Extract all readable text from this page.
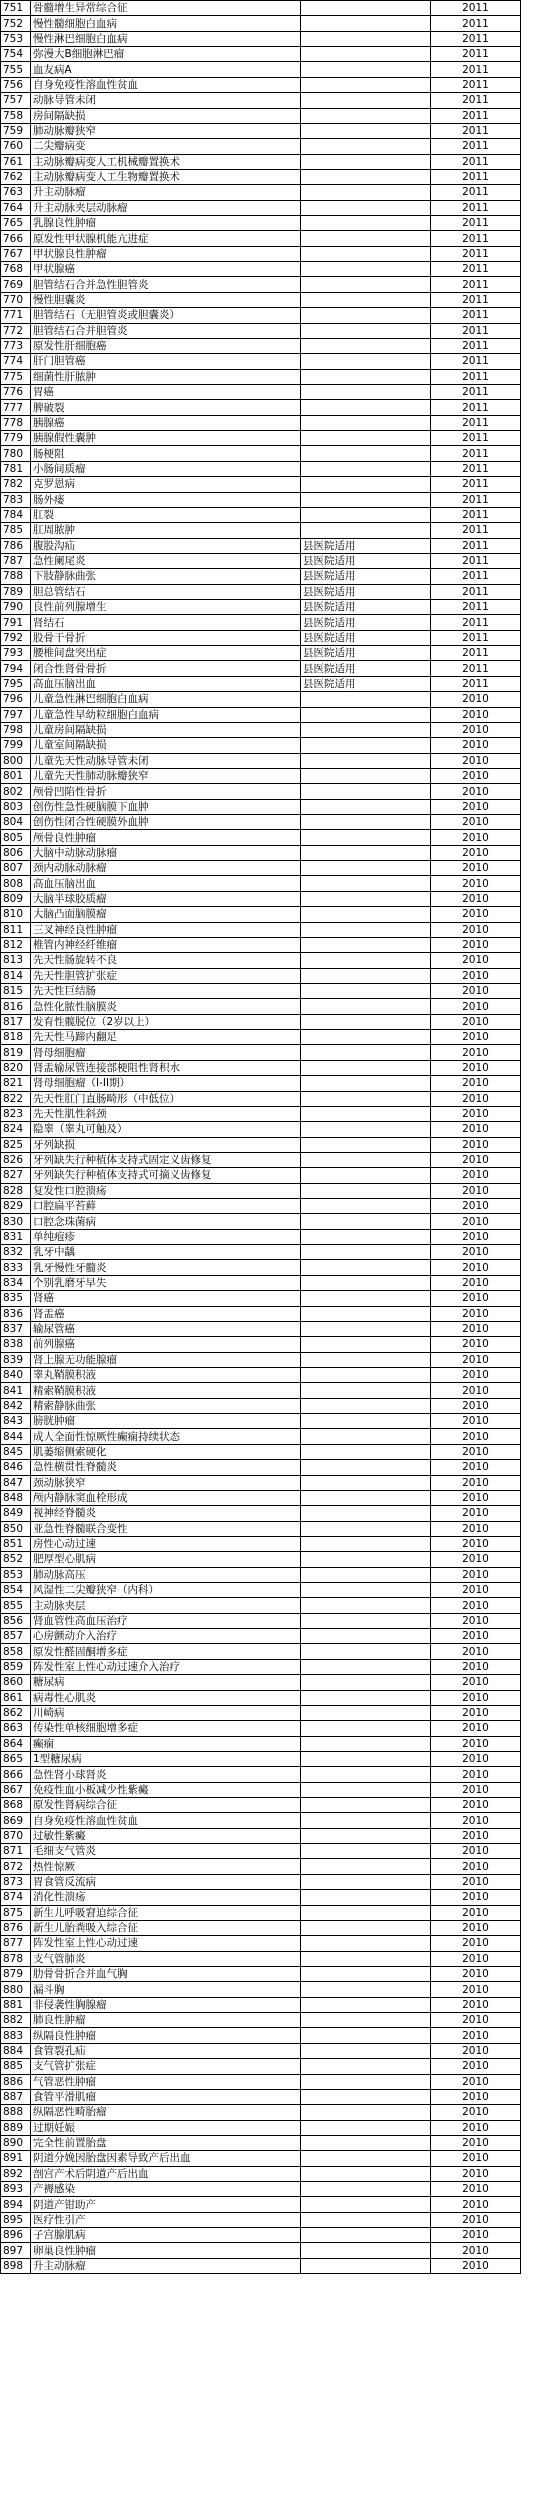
751	骨髓增生异常综合征		2011
752	慢性髓细胞白血病		2011
753	慢性淋巴细胞白血病		2011
754	弥漫大B细胞淋巴瘤		2011
755	血友病A		2011
756	自身免疫性溶血性贫血		2011
757	动脉导管未闭		2011
758	房间隔缺损		2011
759	肺动脉瓣狭窄		2011
760	二尖瓣病变		2011
761	主动脉瓣病变人工机械瓣置换术		2011
762	主动脉瓣病变人工生物瓣置换术		2011
763	升主动脉瘤		2011
764	升主动脉夹层动脉瘤		2011
765	乳腺良性肿瘤		2011
766	原发性甲状腺机能亢进症		2011
767	甲状腺良性肿瘤		2011
768	甲状腺癌		2011
769	胆管结石合并急性胆管炎		2011
770	慢性胆囊炎		2011
771	胆管结石（无胆管炎或胆囊炎）		2011
772	胆管结石合并胆管炎		2011
773	原发性肝细胞癌		2011
774	肝门胆管癌		2011
775	细菌性肝脓肿		2011
776	胃癌		2011
777	脾破裂		2011
778	胰腺癌		2011
779	胰腺假性囊肿		2011
780	肠梗阻		2011
781	小肠间质瘤		2011
782	克罗恩病		2011
783	肠外瘘		2011
784	肛裂		2011
785	肛周脓肿		2011
786	腹股沟疝	县医院适用	2011
787	急性阑尾炎	县医院适用	2011
788	下肢静脉曲张	县医院适用	2011
789	胆总管结石	县医院适用	2011
790	良性前列腺增生	县医院适用	2011
791	肾结石	县医院适用	2011
792	股骨干骨折	县医院适用	2011
793	腰椎间盘突出症	县医院适用	2011
794	闭合性肾骨骨折	县医院适用	2011
795	高血压脑出血	县医院适用	2011
796	儿童急性淋巴细胞白血病		2010
797	儿童急性早幼粒细胞白血病		2010
798	儿童房间隔缺损		2010
799	儿童室间隔缺损		2010
800	儿童先天性动脉导管未闭		2010
801	儿童先天性肺动脉瓣狭窄		2010
802	颅骨凹陷性骨折		2010
803	创伤性急性硬脑膜下血肿		2010
804	创伤性闭合性硬膜外血肿		2010
805	颅骨良性肿瘤		2010
806	大脑中动脉动脉瘤		2010
807	颈内动脉动脉瘤		2010
808	高血压脑出血		2010
809	大脑半球胶质瘤		2010
810	大脑凸面脑膜瘤		2010
811	三叉神经良性肿瘤		2010
812	椎管内神经纤维瘤		2010
813	先天性肠旋转不良		2010
814	先天性胆管扩张症		2010
815	先天性巨结肠		2010
816	急性化脓性脑膜炎		2010
817	发育性髋脱位（2岁以上）		2010
818	先天性马蹄内翻足		2010
819	肾母细胞瘤		2010
820	肾盂输尿管连接部梗阻性肾积水		2010
821	肾母细胞瘤（I-II期）		2010
822	先天性肛门直肠畸形（中低位）		2010
823	先天性肌性斜颈		2010
824	隐睾（睾丸可触及）		2010
825	牙列缺损		2010
826	牙列缺失行种植体支持式固定义齿修复		2010
827	牙列缺失行种植体支持式可摘义齿修复		2010
828	复发性口腔溃疡		2010
829	口腔扁平苔藓		2010
830	口腔念珠菌病		2010
831	单纯疱疹		2010
832	乳牙中龋		2010
833	乳牙慢性牙髓炎		2010
834	个别乳磨牙早失		2010
835	肾癌		2010
836	肾盂癌		2010
837	输尿管癌		2010
838	前列腺癌		2010
839	肾上腺无功能腺瘤		2010
840	睾丸鞘膜积液		2010
841	精索鞘膜积液		2010
842	精索静脉曲张		2010
843	膀胱肿瘤		2010
844	成人全面性惊厥性癫痫持续状态		2010
845	肌萎缩侧索硬化		2010
846	急性横贯性脊髓炎		2010
847	颈动脉狭窄		2010
848	颅内静脉窦血栓形成		2010
849	视神经脊髓炎		2010
850	亚急性脊髓联合变性		2010
851	房性心动过速		2010
852	肥厚型心肌病		2010
853	肺动脉高压		2010
854	风湿性二尖瓣狭窄（内科）		2010
855	主动脉夹层		2010
856	肾血管性高血压治疗		2010
857	心房颤动介入治疗		2010
858	原发性醛固酮增多症		2010
859	阵发性室上性心动过速介入治疗		2010
860	糖尿病		2010
861	病毒性心肌炎		2010
862	川崎病		2010
863	传染性单核细胞增多症		2010
864	癫痫		2010
865	1型糖尿病		2010
866	急性肾小球肾炎		2010
867	免疫性血小板减少性紫癜		2010
868	原发性肾病综合征		2010
869	自身免疫性溶血性贫血		2010
870	过敏性紫癜		2010
871	毛细支气管炎		2010
872	热性惊厥		2010
873	胃食管反流病		2010
874	消化性溃疡		2010
875	新生儿呼吸窘迫综合征		2010
876	新生儿胎粪吸入综合征		2010
877	阵发性室上性心动过速		2010
878	支气管肺炎		2010
879	肋骨骨折合并血气胸		2010
880	漏斗胸		2010
881	非侵袭性胸腺瘤		2010
882	肺良性肿瘤		2010
883	纵隔良性肿瘤		2010
884	食管裂孔疝		2010
885	支气管扩张症		2010
886	气管恶性肿瘤		2010
887	食管平滑肌瘤		2010
888	纵隔恶性畸胎瘤		2010
889	过期妊娠		2010
890	完全性前置胎盘		2010
891	阴道分娩因胎盘因素导致产后出血		2010
892	剖宫产术后阴道产后出血		2010
893	产褥感染		2010
894	阴道产钳助产		2010
895	医疗性引产		2010
896	子宫腺肌病		2010
897	卵巢良性肿瘤		2010
898	升主动脉瘤		2010
